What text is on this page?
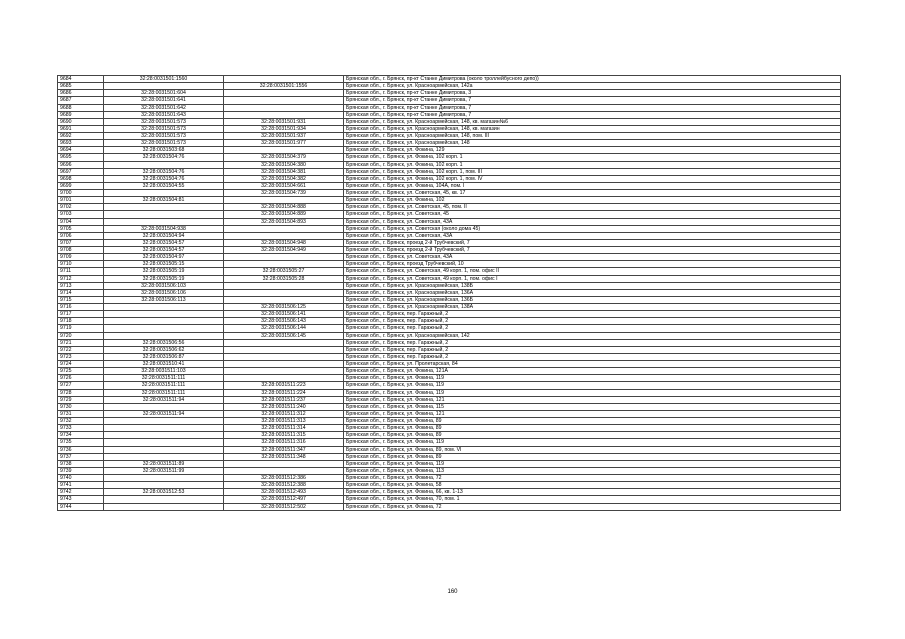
9684	32:28:0031501:1560		Брянская обл., г. Брянск, пр-кт Станке Димитрова (около троллейбусного депо))
9685		32:28:0031501:1556	Брянская обл., г. Брянск, ул. Красноармейская, 142а
9686	32:28:0031501:604		Брянская обл., г. Брянск, пр-кт Станке Димитрова, 3
9687	32:28:0031501:641		Брянская обл., г. Брянск, пр-кт Станке Димитрова, 7
9688	32:28:0031501:642		Брянская обл., г. Брянск, пр-кт Станке Димитрова, 7
9689	32:28:0031501:643		Брянская обл., г. Брянск, пр-кт Станке Димитрова, 7
9690	32:28:0031501:573	32:28:0031501:931	Брянская обл., г. Брянск, ул. Красноармейская, 148, кв. магазин№6
9691	32:28:0031501:573	32:28:0031501:934	Брянская обл., г. Брянск, ул. Красноармейская, 148, кв. магазин
9692	32:28:0031501:573	32:28:0031501:937	Брянская обл., г. Брянск, ул. Красноармейская, 148, пом. III
9693	32:28:0031501:573	32:28:0031501:977	Брянская обл., г. Брянск, ул. Красноармейская, 148
9694	32:28:0031503:68		Брянская обл., г. Брянск, ул. Фокина, 129
9695	32:28:0031504:76	32:28:0031504:379	Брянская обл., г. Брянск, ул. Фокина, 102 корп. 1
9696		32:28:0031504:380	Брянская обл., г. Брянск, ул. Фокина, 102 корп. 1
9697	32:28:0031504:76	32:28:0031504:381	Брянская обл., г. Брянск, ул. Фокина, 102 корп. 1, пом. III
9698	32:28:0031504:76	32:28:0031504:382	Брянская обл., г. Брянск, ул. Фокина, 102 корп. 1, пом. IV
9699	32:28:0031504:55	32:28:0031504:661	Брянская обл., г. Брянск, ул. Фокина, 104А, пом. I
9700		32:28:0031504:739	Брянская обл., г. Брянск, ул. Советская, 45, кв. 17
9701	32:28:0031504:81		Брянская обл., г. Брянск, ул. Фокина, 102
9702		32:28:0031504:888	Брянская обл., г. Брянск, ул. Советская, 45, пом. II
9703		32:28:0031504:889	Брянская обл., г. Брянск, ул. Советская, 45
9704		32:28:0031504:893	Брянская обл., г. Брянск, ул. Советская, 43А
9705	32:28:0031504:938		Брянская обл., г. Брянск, ул. Советская (около дома 45)
9706	32:28:0031504:94		Брянская обл., г. Брянск, ул. Советская, 43А
9707	32:28:0031504:57	32:28:0031504:948	Брянская обл., г. Брянск, проезд 2-й Трубчевский, 7
9708	32:28:0031504:57	32:28:0031504:949	Брянская обл., г. Брянск, проезд 2-й Трубчевский, 7
9709	32:28:0031504:97		Брянская обл., г. Брянск, ул. Советская, 43А
9710	32:28:0031505:15		Брянская обл., г. Брянск, проезд Трубчевский, 10
9711	32:28:0031505:19	32:28:0031505:27	Брянская обл., г. Брянск, ул. Советская, 49 корп. 1, пом. офис II
9712	32:28:0031505:19	32:28:0031505:28	Брянская обл., г. Брянск, ул. Советская, 49 корп. 1, пом. офис I
9713	32:28:0031506:103		Брянская обл., г. Брянск, ул. Красноармейская, 138Б
9714	32:28:0031506:106		Брянская обл., г. Брянск, ул. Красноармейская, 136А
9715	32:28:0031506:113		Брянская обл., г. Брянск, ул. Красноармейская, 136Б
9716		32:28:0031506:125	Брянская обл., г. Брянск, ул. Красноармейская, 138А
9717		32:28:0031506:141	Брянская обл., г. Брянск, пер. Гаражный, 2
9718		32:28:0031506:143	Брянская обл., г. Брянск, пер. Гаражный, 2
9719		32:28:0031506:144	Брянская обл., г. Брянск, пер. Гаражный, 2
9720		32:28:0031506:145	Брянская обл., г. Брянск, ул. Красноармейская, 142
9721	32:28:0031506:56		Брянская обл., г. Брянск, пер. Гаражный, 2
9722	32:28:0031506:62		Брянская обл., г. Брянск, пер. Гаражный, 2
9723	32:28:0031506:87		Брянская обл., г. Брянск, пер. Гаражный, 2
9724	32:28:0031510:41		Брянская обл., г. Брянск, ул. Пролетарская, 84
9725	32:28:0031511:103		Брянская обл., г. Брянск, ул. Фокина, 121А
9726	32:28:0031511:111		Брянская обл., г. Брянск, ул. Фокина, 119
9727	32:28:0031511:111	32:28:0031511:223	Брянская обл., г. Брянск, ул. Фокина, 119
9728	32:28:0031511:111	32:28:0031511:224	Брянская обл., г. Брянск, ул. Фокина, 119
9729	32:28:0031511:94	32:28:0031511:237	Брянская обл., г. Брянск, ул. Фокина, 121
9730		32:28:0031511:240	Брянская обл., г. Брянск, ул. Фокина, 115
9731	32:28:0031511:94	32:28:0031511:312	Брянская обл., г. Брянск, ул. Фокина, 121
9732		32:28:0031511:313	Брянская обл., г. Брянск, ул. Фокина, 89
9733		32:28:0031511:314	Брянская обл., г. Брянск, ул. Фокина, 89
9734		32:28:0031511:315	Брянская обл., г. Брянск, ул. Фокина, 89
9735		32:28:0031511:316	Брянская обл., г. Брянск, ул. Фокина, 119
9736		32:28:0031511:347	Брянская обл., г. Брянск, ул. Фокина, 89, пом. VI
9737		32:28:0031511:348	Брянская обл., г. Брянск, ул. Фокина, 89
9738	32:28:0031511:89		Брянская обл., г. Брянск, ул. Фокина, 119
9739	32:28:0031511:99		Брянская обл., г. Брянск, ул. Фокина, 113
9740		32:28:0031512:386	Брянская обл., г. Брянск, ул. Фокина, 72
9741		32:28:0031512:388	Брянская обл., г. Брянск, ул. Фокина, 58
9742	32:28:0031512:53	32:28:0031512:493	Брянская обл., г. Брянск, ул. Фокина, 66, кв. 1-13
9743		32:28:0031512:497	Брянская обл., г. Брянск, ул. Фокина, 70, пом. 1
9744		32:28:0031512:502	Брянская обл., г. Брянск, ул. Фокина, 72
160
